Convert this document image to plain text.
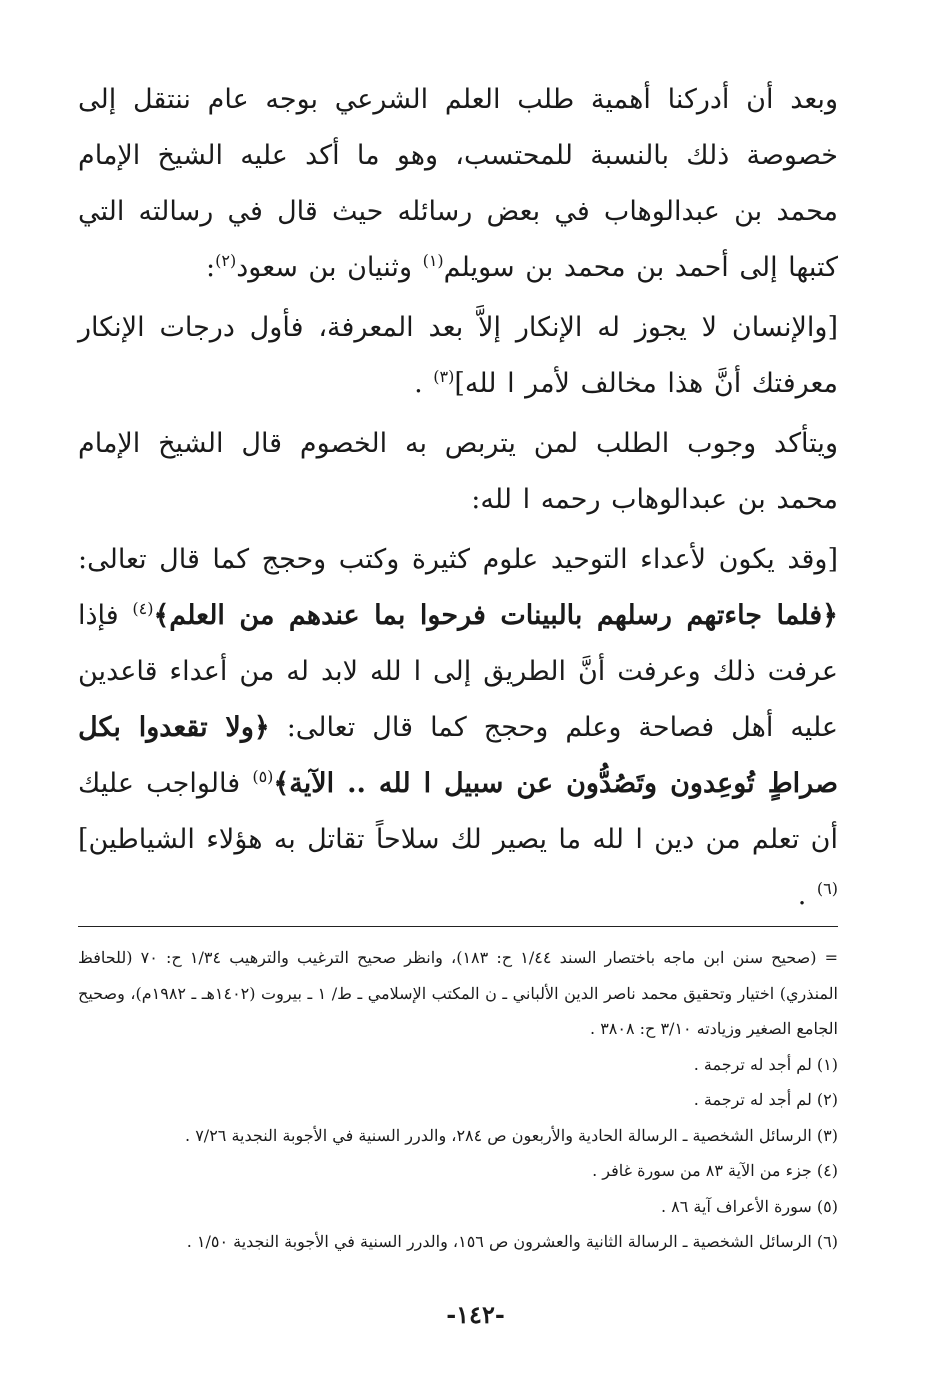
وبعد أن أدركنا أهمية طلب العلم الشرعي بوجه عام ننتقل إلى خصوصة ذلك بالنسبة للمحتسب، وهو ما أكد عليه الشيخ الإمام محمد بن عبدالوهاب في بعض رسائله حيث قال في رسالته التي كتبها إلى أحمد بن محمد بن سويلم$^{(١)}$ وثنيان بن سعود$^{(٢)}$:

[والإنسان لا يجوز له الإنكار إلاَّ بعد المعرفة، فأول درجات الإنكار معرفتك أنَّ هذا مخالف لأمر ا لله]$^{(٣)}$ .

ويتأكد وجوب الطلب لمن يتربص به الخصوم قال الشيخ الإمام محمد بن عبدالوهاب رحمه ا لله:

[وقد يكون لأعداء التوحيد علوم كثيرة وكتب وحجج كما قال تعالى: ﴿فلما جاءتهم رسلهم بالبينات فرحوا بما عندهم من العلم﴾$^{(٤)}$ فإذا عرفت ذلك وعرفت أنَّ الطريق إلى ا لله لابد له من أعداء قاعدين عليه أهل فصاحة وعلم وحجج كما قال تعالى: ﴿ولا تقعدوا بكل صراطٍ تُوعِدون وتَصُدُّون عن سبيل ا لله .. الآية﴾$^{(٥)}$ فالواجب عليك أن تعلم من دين ا لله ما يصير لك سلاحاً تقاتل به هؤلاء الشياطين]$^{(٦)}$ .

= (صحيح سنن ابن ماجه باختصار السند ١/٤٤ ح: ١٨٣)، وانظر صحيح الترغيب والترهيب ١/٣٤ ح: ٧٠ (للحافظ المنذري) اختيار وتحقيق محمد ناصر الدين الألباني ـ ن المكتب الإسلامي ـ ط/ ١ ـ بيروت (١٤٠٢هـ ـ ١٩٨٢م)، وصحيح الجامع الصغير وزيادته ٣/١٠ ح: ٣٨٠٨ .

(١) لم أجد له ترجمة .

(٢) لم أجد له ترجمة .

(٣) الرسائل الشخصية ـ الرسالة الحادية والأربعون ص ٢٨٤، والدرر السنية في الأجوبة النجدية ٧/٢٦ .

(٤) جزء من الآية ٨٣ من سورة غافر .

(٥) سورة الأعراف آية ٨٦ .

(٦) الرسائل الشخصية ـ الرسالة الثانية والعشرون ص ١٥٦، والدرر السنية في الأجوبة النجدية ١/٥٠ .

-١٤٢-
